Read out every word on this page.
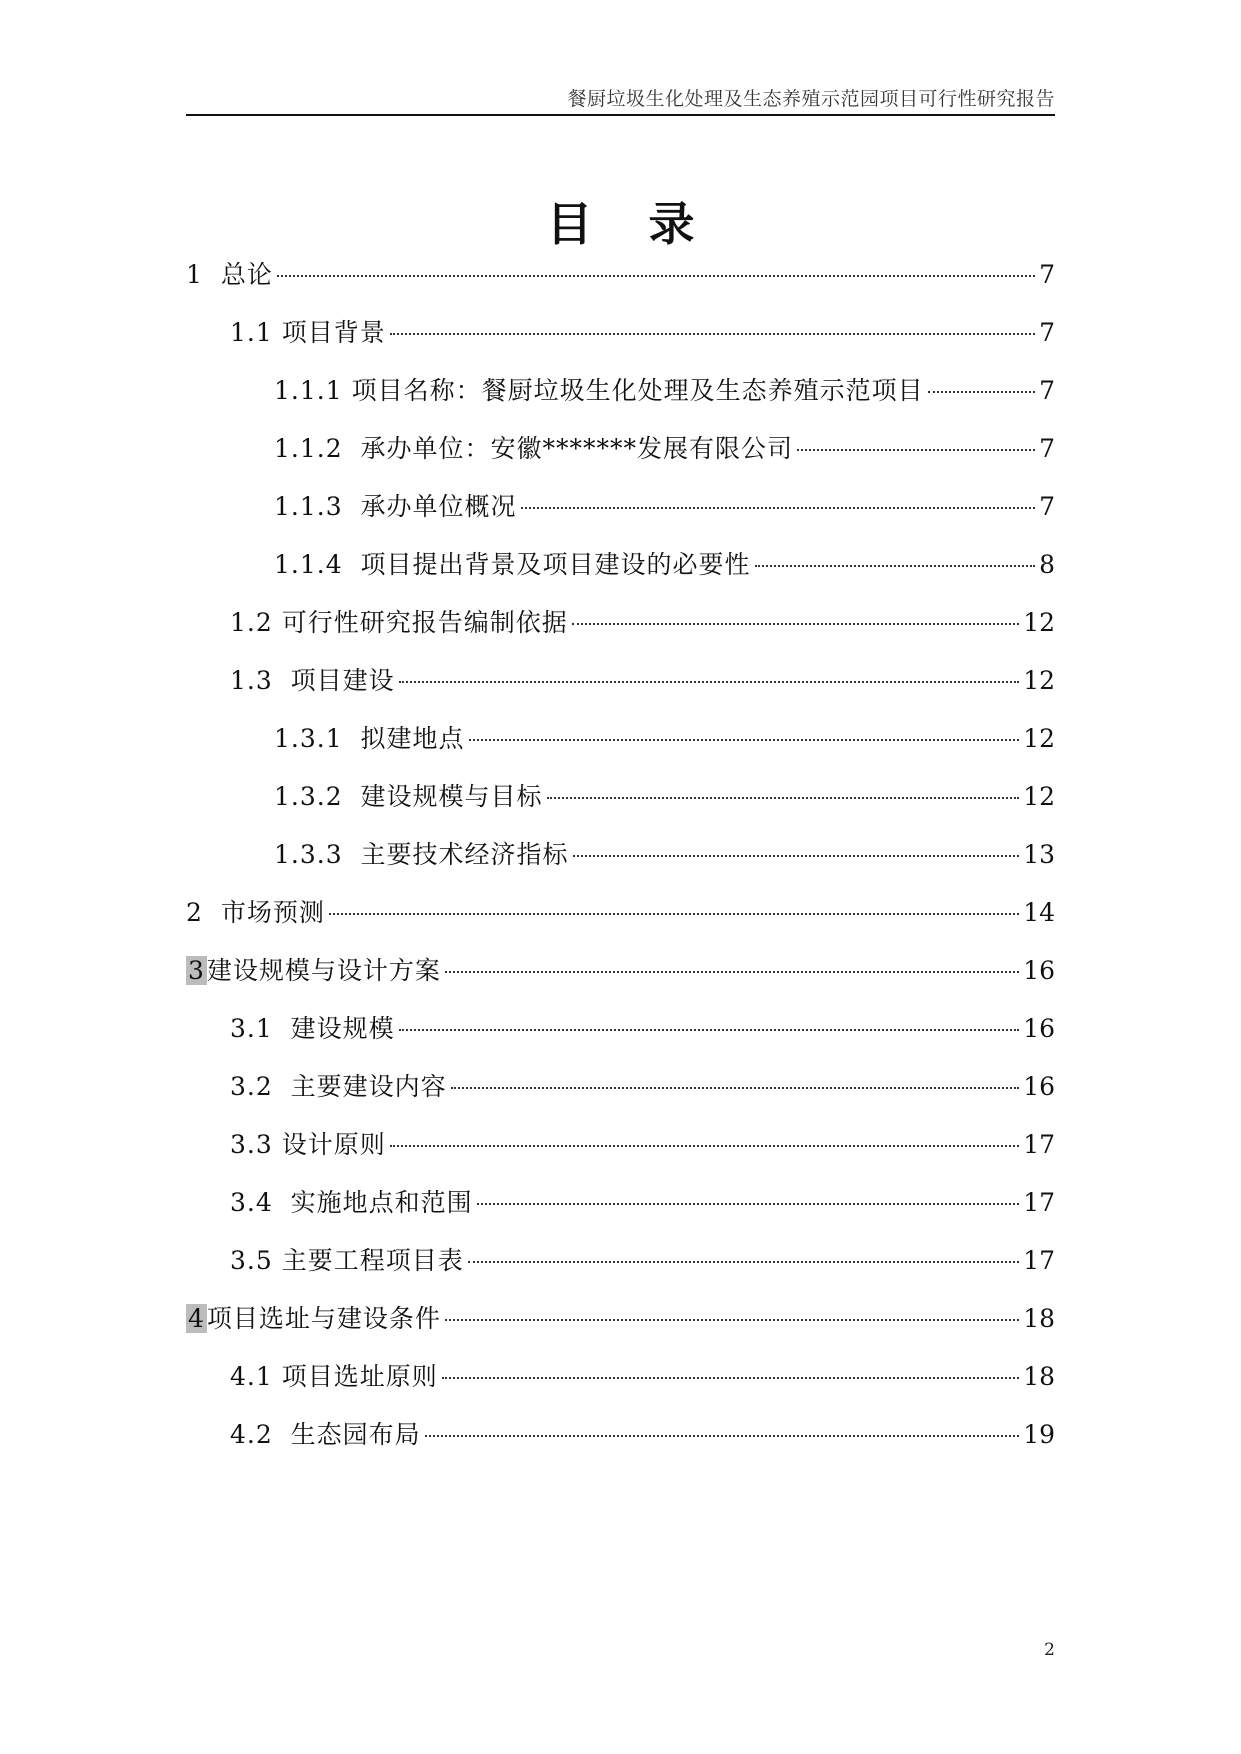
餐厨垃圾生化处理及生态养殖示范园项目可行性研究报告
目 录
1 总论	7
1.1 项目背景	7
1.1.1 项目名称：餐厨垃圾生化处理及生态养殖示范项目	7
1.1.2 承办单位：安徽*******发展有限公司	7
1.1.3 承办单位概况	7
1.1.4 项目提出背景及项目建设的必要性	8
1.2 可行性研究报告编制依据	12
1.3 项目建设	12
1.3.1 拟建地点	12
1.3.2 建设规模与目标	12
1.3.3 主要技术经济指标	13
2 市场预测	14
3建设规模与设计方案	16
3.1 建设规模	16
3.2 主要建设内容	16
3.3 设计原则	17
3.4 实施地点和范围	17
3.5 主要工程项目表	17
4项目选址与建设条件	18
4.1 项目选址原则	18
4.2 生态园布局	19
2
